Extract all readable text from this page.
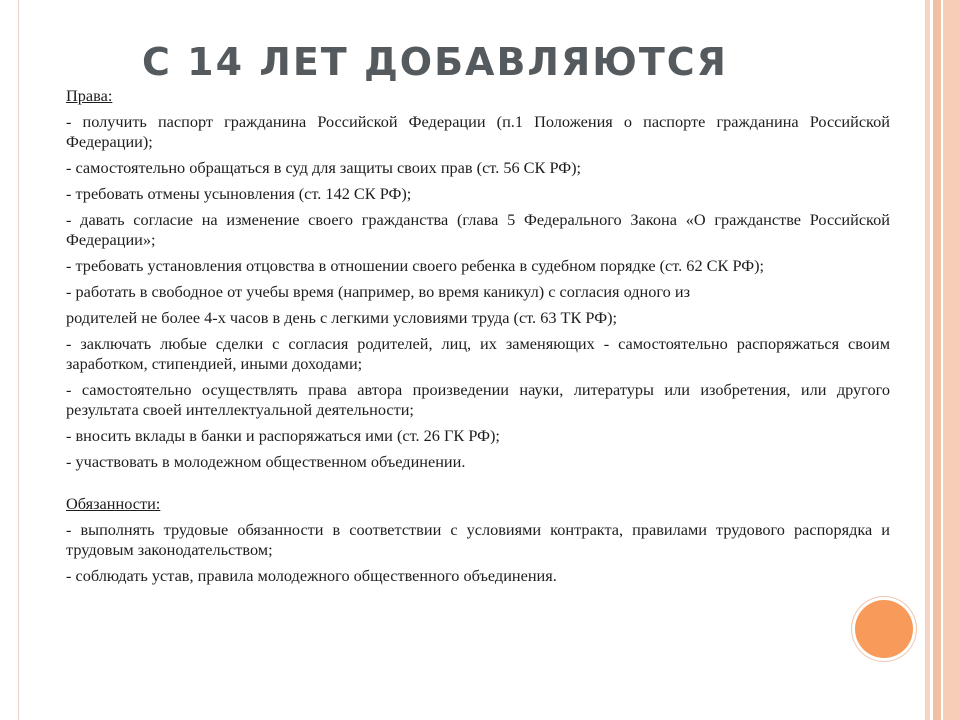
С 14 ЛЕТ ДОБАВЛЯЮТСЯ
Права:
- получить паспорт гражданина Российской Федерации (п.1 Положения о паспорте гражданина Российской Федерации);
- самостоятельно обращаться в суд для защиты своих прав (ст. 56 СК РФ);
- требовать отмены усыновления (ст. 142 СК РФ);
- давать согласие на изменение своего гражданства (глава 5 Федерального Закона «О гражданстве Российской Федерации»;
- требовать установления отцовства в отношении своего ребенка в судебном порядке (ст. 62 СК РФ);
- работать в свободное от учебы время (например, во время каникул) с согласия одного из
родителей не более 4-х часов в день с легкими условиями труда (ст. 63 ТК РФ);
- заключать любые сделки с согласия родителей, лиц, их заменяющих - самостоятельно распоряжаться своим заработком, стипендией, иными доходами;
- самостоятельно осуществлять права автора произведении науки, литературы или изобретения, или другого результата своей интеллектуальной деятельности;
- вносить вклады в банки и распоряжаться ими (ст. 26 ГК РФ);
- участвовать в молодежном общественном объединении.
Обязанности:
- выполнять трудовые обязанности в соответствии с условиями контракта, правилами трудового распорядка и трудовым законодательством;
- соблюдать устав, правила молодежного общественного объединения.
